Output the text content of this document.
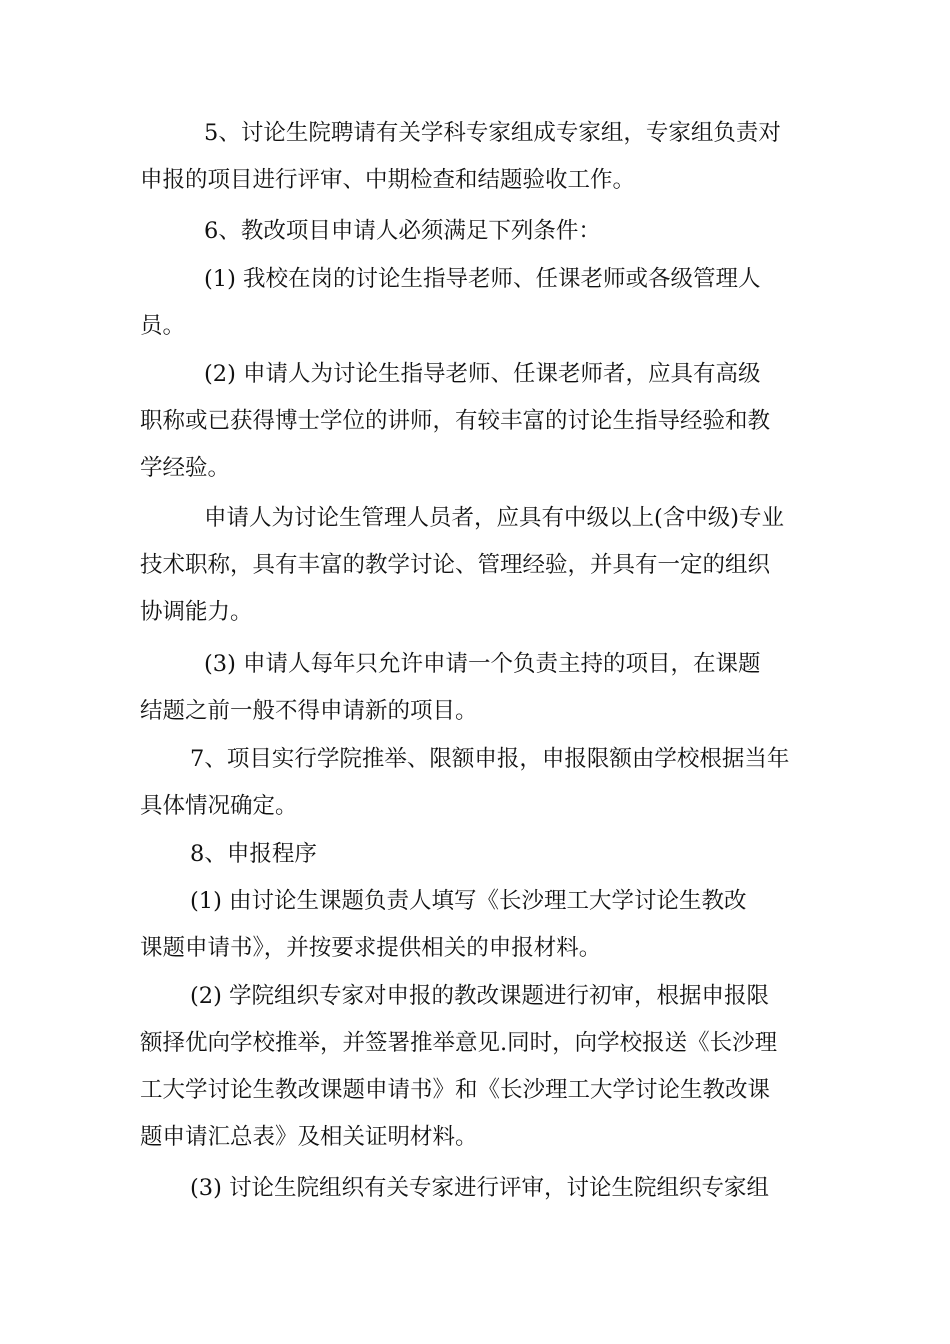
5、讨论生院聘请有关学科专家组成专家组，专家组负责对
申报的项目进行评审、中期检查和结题验收工作。
6、教改项目申请人必须满足下列条件：
(1) 我校在岗的讨论生指导老师、任课老师或各级管理人
员。
(2) 申请人为讨论生指导老师、任课老师者，应具有高级
职称或已获得博士学位的讲师，有较丰富的讨论生指导经验和教
学经验。
申请人为讨论生管理人员者，应具有中级以上(含中级)专业
技术职称，具有丰富的教学讨论、管理经验，并具有一定的组织
协调能力。
(3) 申请人每年只允许申请一个负责主持的项目，在课题
结题之前一般不得申请新的项目。
7、项目实行学院推举、限额申报，申报限额由学校根据当年
具体情况确定。
8、申报程序
(1) 由讨论生课题负责人填写《长沙理工大学讨论生教改
课题申请书》，并按要求提供相关的申报材料。
(2) 学院组织专家对申报的教改课题进行初审，根据申报限
额择优向学校推举，并签署推举意见.同时，向学校报送《长沙理
工大学讨论生教改课题申请书》和《长沙理工大学讨论生教改课
题申请汇总表》及相关证明材料。
(3) 讨论生院组织有关专家进行评审，讨论生院组织专家组
